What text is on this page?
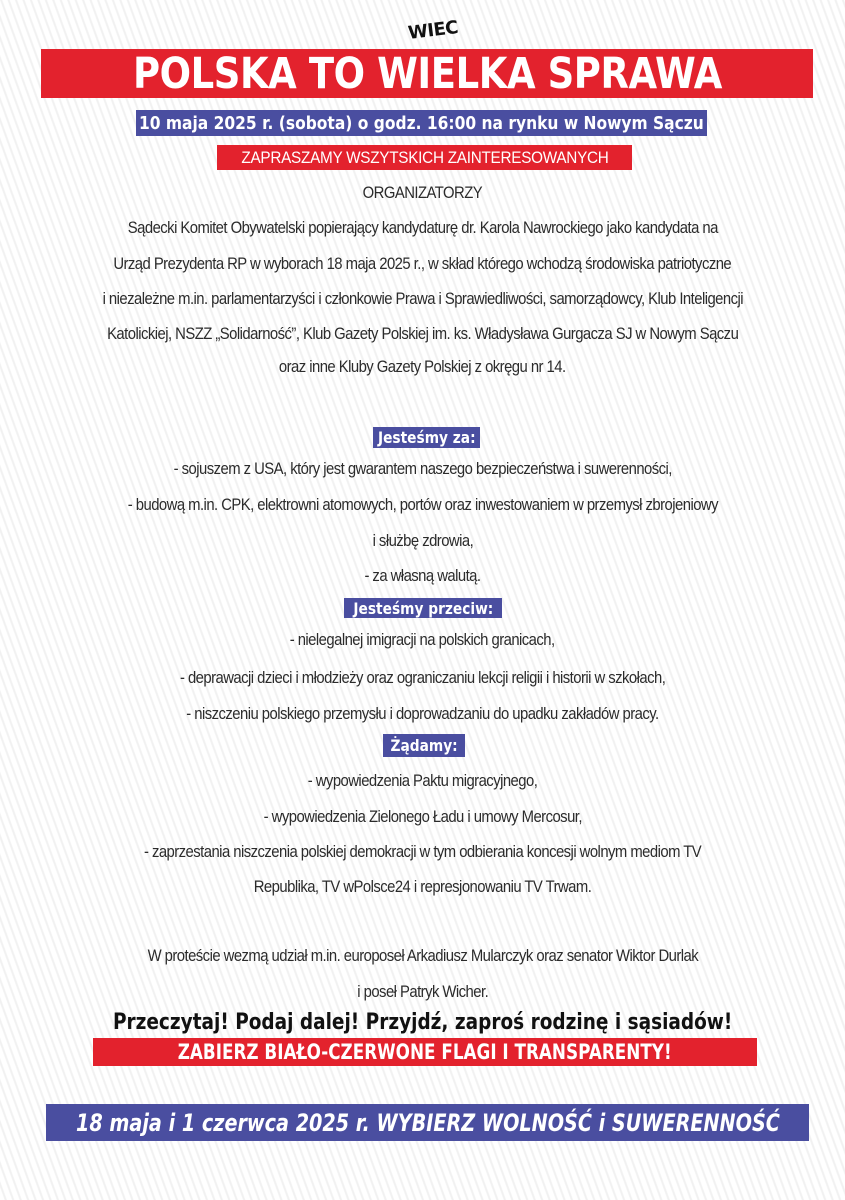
WIEC
POLSKA TO WIELKA SPRAWA
10 maja 2025 r. (sobota) o godz. 16:00 na rynku w Nowym Sączu
ZAPRASZAMY WSZYTSKICH ZAINTERESOWANYCH
ORGANIZATORZY
Sądecki Komitet Obywatelski popierający kandydaturę dr. Karola Nawrockiego jako kandydata na
Urząd Prezydenta RP w wyborach 18 maja 2025 r., w skład którego wchodzą środowiska patriotyczne
i niezależne m.in. parlamentarzyści i członkowie Prawa i Sprawiedliwości, samorządowcy, Klub Inteligencji
Katolickiej, NSZZ „Solidarność”, Klub Gazety Polskiej im. ks. Władysława Gurgacza SJ w Nowym Sączu
oraz inne Kluby Gazety Polskiej z okręgu nr 14.
Jesteśmy za:
- sojuszem z USA, który jest gwarantem naszego bezpieczeństwa i suwerenności,
- budową m.in. CPK, elektrowni atomowych, portów oraz inwestowaniem w przemysł zbrojeniowy
i służbę zdrowia,
- za własną walutą.
Jesteśmy przeciw:
- nielegalnej imigracji na polskich granicach,
- deprawacji dzieci i młodzieży oraz ograniczaniu lekcji religii i historii w szkołach,
- niszczeniu polskiego przemysłu i doprowadzaniu do upadku zakładów pracy.
Żądamy:
- wypowiedzenia Paktu migracyjnego,
- wypowiedzenia Zielonego Ładu i umowy Mercosur,
- zaprzestania niszczenia polskiej demokracji w tym odbierania koncesji wolnym mediom TV
Republika, TV wPolsce24 i represjonowaniu TV Trwam.
W proteście wezmą udział m.in. europoseł Arkadiusz Mularczyk oraz senator Wiktor Durlak
i poseł Patryk Wicher.
Przeczytaj! Podaj dalej! Przyjdź, zaproś rodzinę i sąsiadów!
ZABIERZ BIAŁO-CZERWONE FLAGI I TRANSPARENTY!
18 maja i 1 czerwca 2025 r. WYBIERZ WOLNOŚĆ i SUWERENNOŚĆ
